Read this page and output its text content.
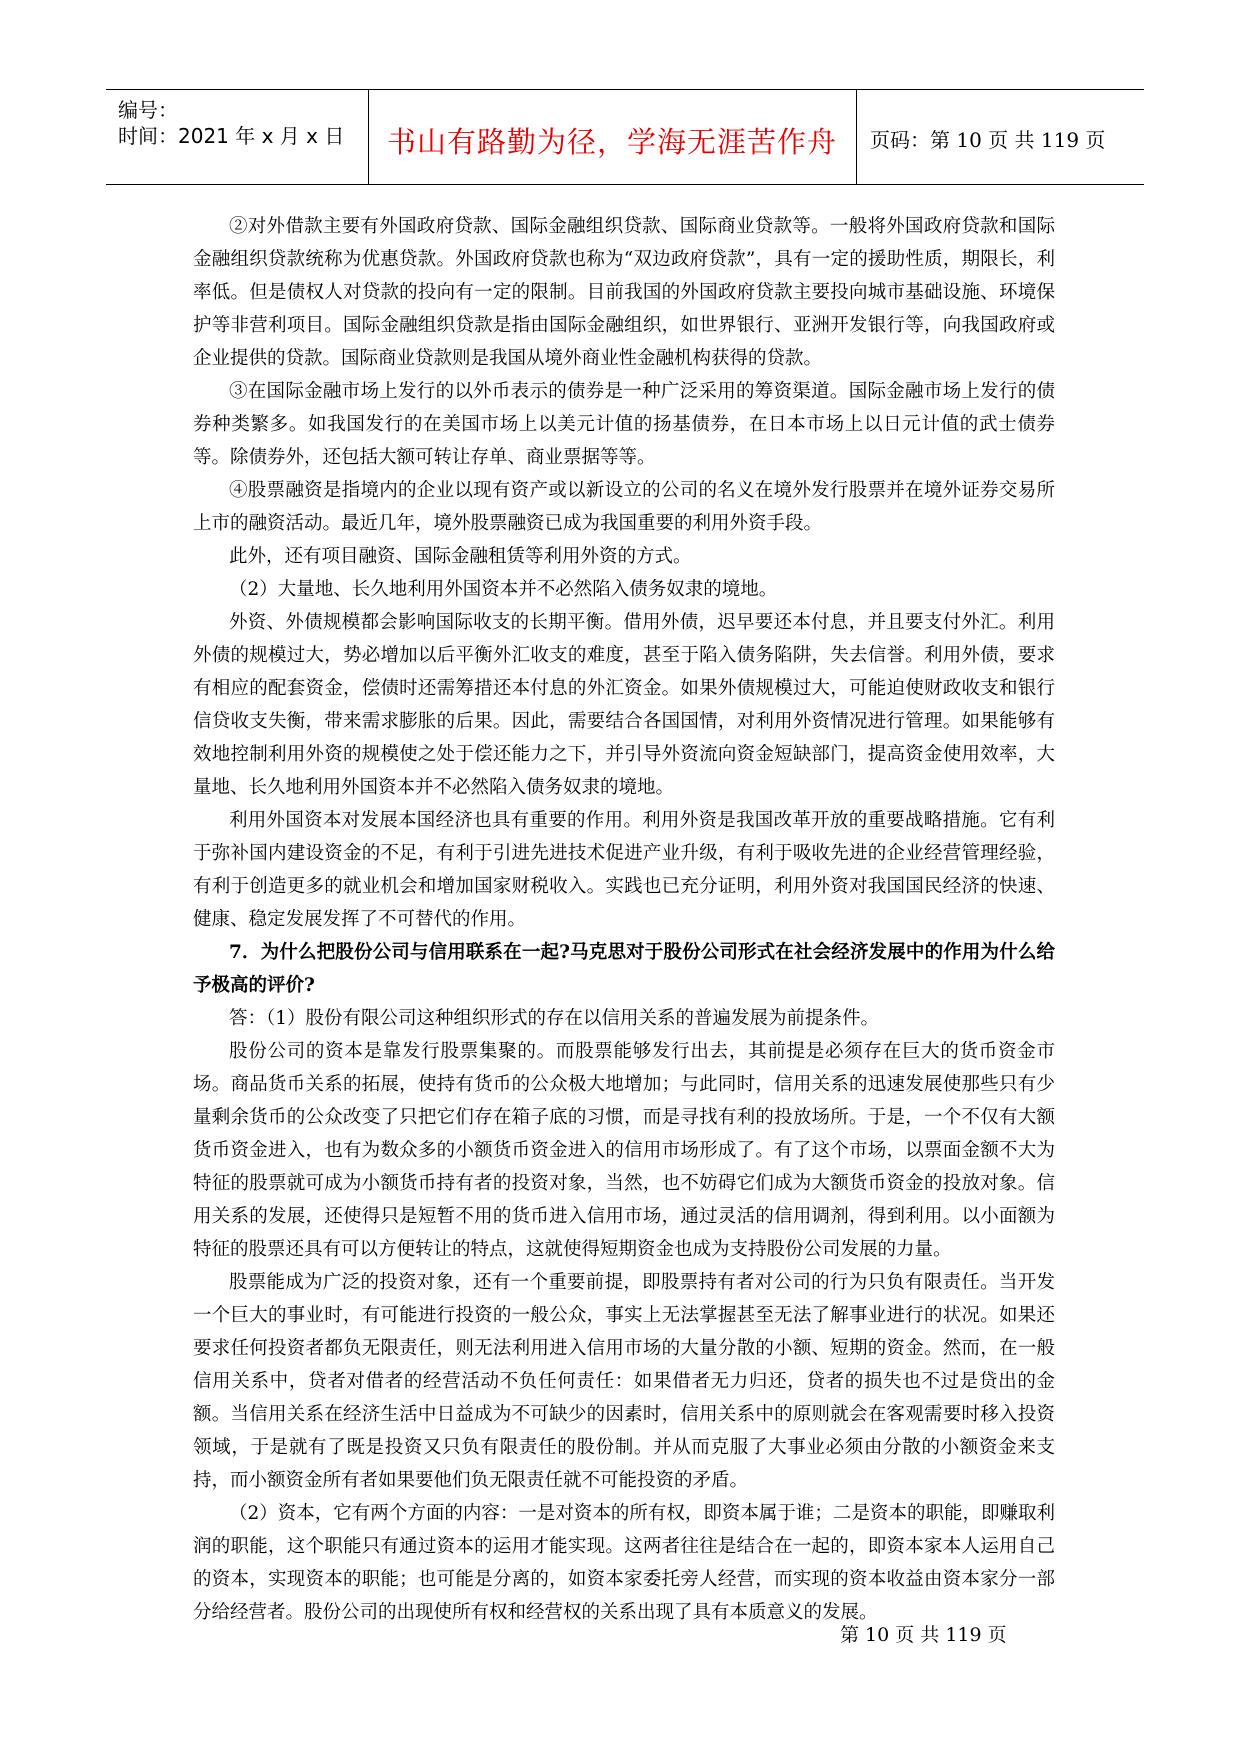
编号：
时间：2021 年 x 月 x 日	书山有路勤为径，学海无涯苦作舟	页码：第 10 页 共 119 页

②对外借款主要有外国政府贷款、国际金融组织贷款、国际商业贷款等。一般将外国政府贷款和国际金融组织贷款统称为优惠贷款。外国政府贷款也称为“双边政府贷款”，具有一定的援助性质，期限长，利率低。但是债权人对贷款的投向有一定的限制。目前我国的外国政府贷款主要投向城市基础设施、环境保护等非营利项目。国际金融组织贷款是指由国际金融组织，如世界银行、亚洲开发银行等，向我国政府或企业提供的贷款。国际商业贷款则是我国从境外商业性金融机构获得的贷款。

③在国际金融市场上发行的以外币表示的债券是一种广泛采用的筹资渠道。国际金融市场上发行的债券种类繁多。如我国发行的在美国市场上以美元计值的扬基债券，在日本市场上以日元计值的武士债券等。除债券外，还包括大额可转让存单、商业票据等等。

④股票融资是指境内的企业以现有资产或以新设立的公司的名义在境外发行股票并在境外证券交易所上市的融资活动。最近几年，境外股票融资已成为我国重要的利用外资手段。

此外，还有项目融资、国际金融租赁等利用外资的方式。

（2）大量地、长久地利用外国资本并不必然陷入债务奴隶的境地。

外资、外债规模都会影响国际收支的长期平衡。借用外债，迟早要还本付息，并且要支付外汇。利用外债的规模过大，势必增加以后平衡外汇收支的难度，甚至于陷入债务陷阱，失去信誉。利用外债，要求有相应的配套资金，偿债时还需筹措还本付息的外汇资金。如果外债规模过大，可能迫使财政收支和银行信贷收支失衡，带来需求膨胀的后果。因此，需要结合各国国情，对利用外资情况进行管理。如果能够有效地控制利用外资的规模使之处于偿还能力之下，并引导外资流向资金短缺部门，提高资金使用效率，大量地、长久地利用外国资本并不必然陷入债务奴隶的境地。

利用外国资本对发展本国经济也具有重要的作用。利用外资是我国改革开放的重要战略措施。它有利于弥补国内建设资金的不足，有利于引进先进技术促进产业升级，有利于吸收先进的企业经营管理经验，有利于创造更多的就业机会和增加国家财税收入。实践也已充分证明，利用外资对我国国民经济的快速、健康、稳定发展发挥了不可替代的作用。

7．为什么把股份公司与信用联系在一起?马克思对于股份公司形式在社会经济发展中的作用为什么给予极高的评价?

答：（1）股份有限公司这种组织形式的存在以信用关系的普遍发展为前提条件。

股份公司的资本是靠发行股票集聚的。而股票能够发行出去，其前提是必须存在巨大的货币资金市场。商品货币关系的拓展，使持有货币的公众极大地增加；与此同时，信用关系的迅速发展使那些只有少量剩余货币的公众改变了只把它们存在箱子底的习惯，而是寻找有利的投放场所。于是，一个不仅有大额货币资金进入，也有为数众多的小额货币资金进入的信用市场形成了。有了这个市场，以票面金额不大为特征的股票就可成为小额货币持有者的投资对象，当然，也不妨碍它们成为大额货币资金的投放对象。信用关系的发展，还使得只是短暂不用的货币进入信用市场，通过灵活的信用调剂，得到利用。以小面额为特征的股票还具有可以方便转让的特点，这就使得短期资金也成为支持股份公司发展的力量。

股票能成为广泛的投资对象，还有一个重要前提，即股票持有者对公司的行为只负有限责任。当开发一个巨大的事业时，有可能进行投资的一般公众，事实上无法掌握甚至无法了解事业进行的状况。如果还要求任何投资者都负无限责任，则无法利用进入信用市场的大量分散的小额、短期的资金。然而，在一般信用关系中，贷者对借者的经营活动不负任何责任：如果借者无力归还，贷者的损失也不过是贷出的金额。当信用关系在经济生活中日益成为不可缺少的因素时，信用关系中的原则就会在客观需要时移入投资领域，于是就有了既是投资又只负有限责任的股份制。并从而克服了大事业必须由分散的小额资金来支持，而小额资金所有者如果要他们负无限责任就不可能投资的矛盾。

（2）资本，它有两个方面的内容：一是对资本的所有权，即资本属于谁；二是资本的职能，即赚取利润的职能，这个职能只有通过资本的运用才能实现。这两者往往是结合在一起的，即资本家本人运用自己的资本，实现资本的职能；也可能是分离的，如资本家委托旁人经营，而实现的资本收益由资本家分一部分给经营者。股份公司的出现使所有权和经营权的关系出现了具有本质意义的发展。

第 10 页 共 119 页
